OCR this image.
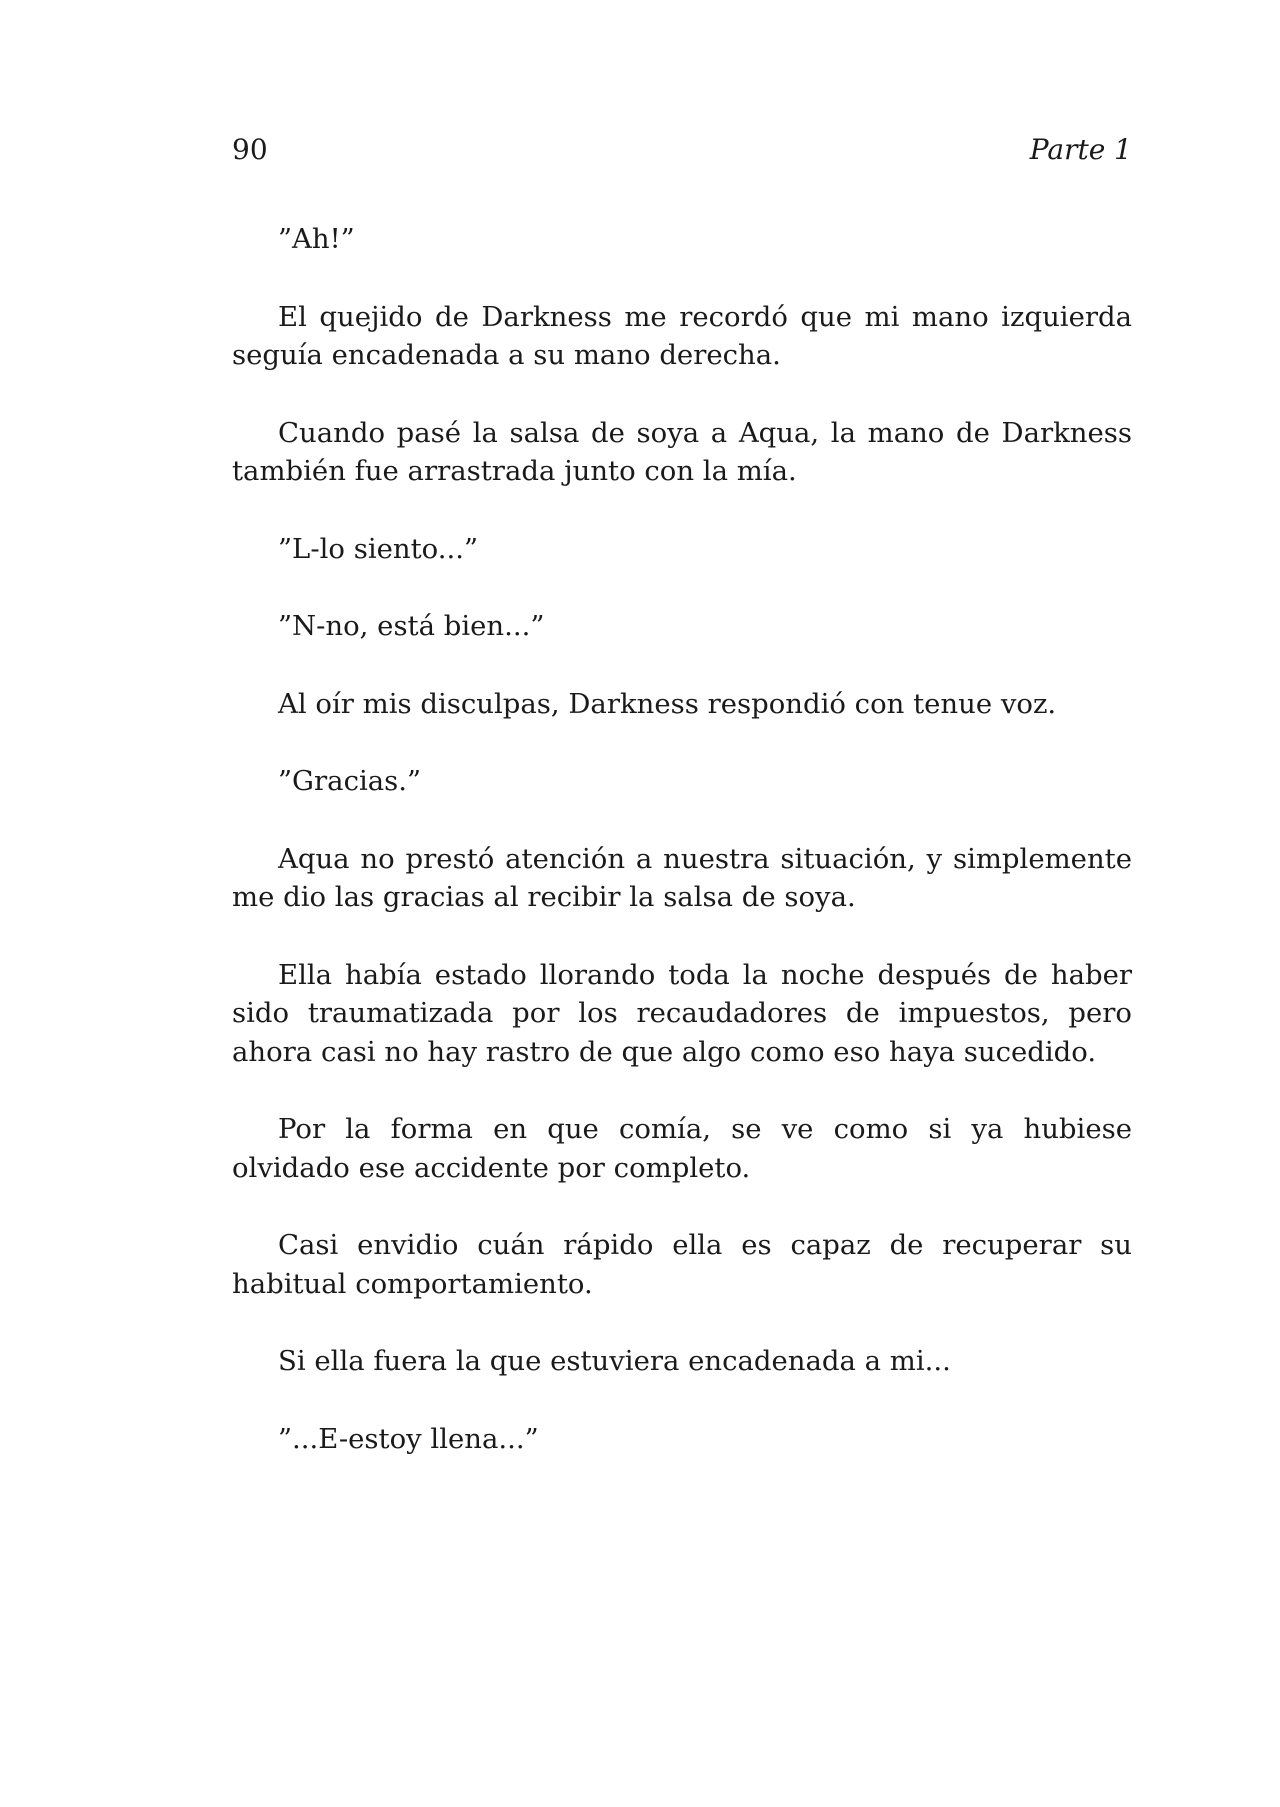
90	Parte 1

”Ah!”

El quejido de Darkness me recordó que mi mano izquierda seguía encadenada a su mano derecha.

Cuando pasé la salsa de soya a Aqua, la mano de Darkness también fue arrastrada junto con la mía.

”L-lo siento...”

”N-no, está bien...”

Al oír mis disculpas, Darkness respondió con tenue voz.

”Gracias.”

Aqua no prestó atención a nuestra situación, y simplemente me dio las gracias al recibir la salsa de soya.

Ella había estado llorando toda la noche después de haber sido traumatizada por los recaudadores de impuestos, pero ahora casi no hay rastro de que algo como eso haya sucedido.

Por la forma en que comía, se ve como si ya hubiese olvidado ese accidente por completo.

Casi envidio cuán rápido ella es capaz de recuperar su habitual comportamiento.

Si ella fuera la que estuviera encadenada a mi...

”...E-estoy llena...”
